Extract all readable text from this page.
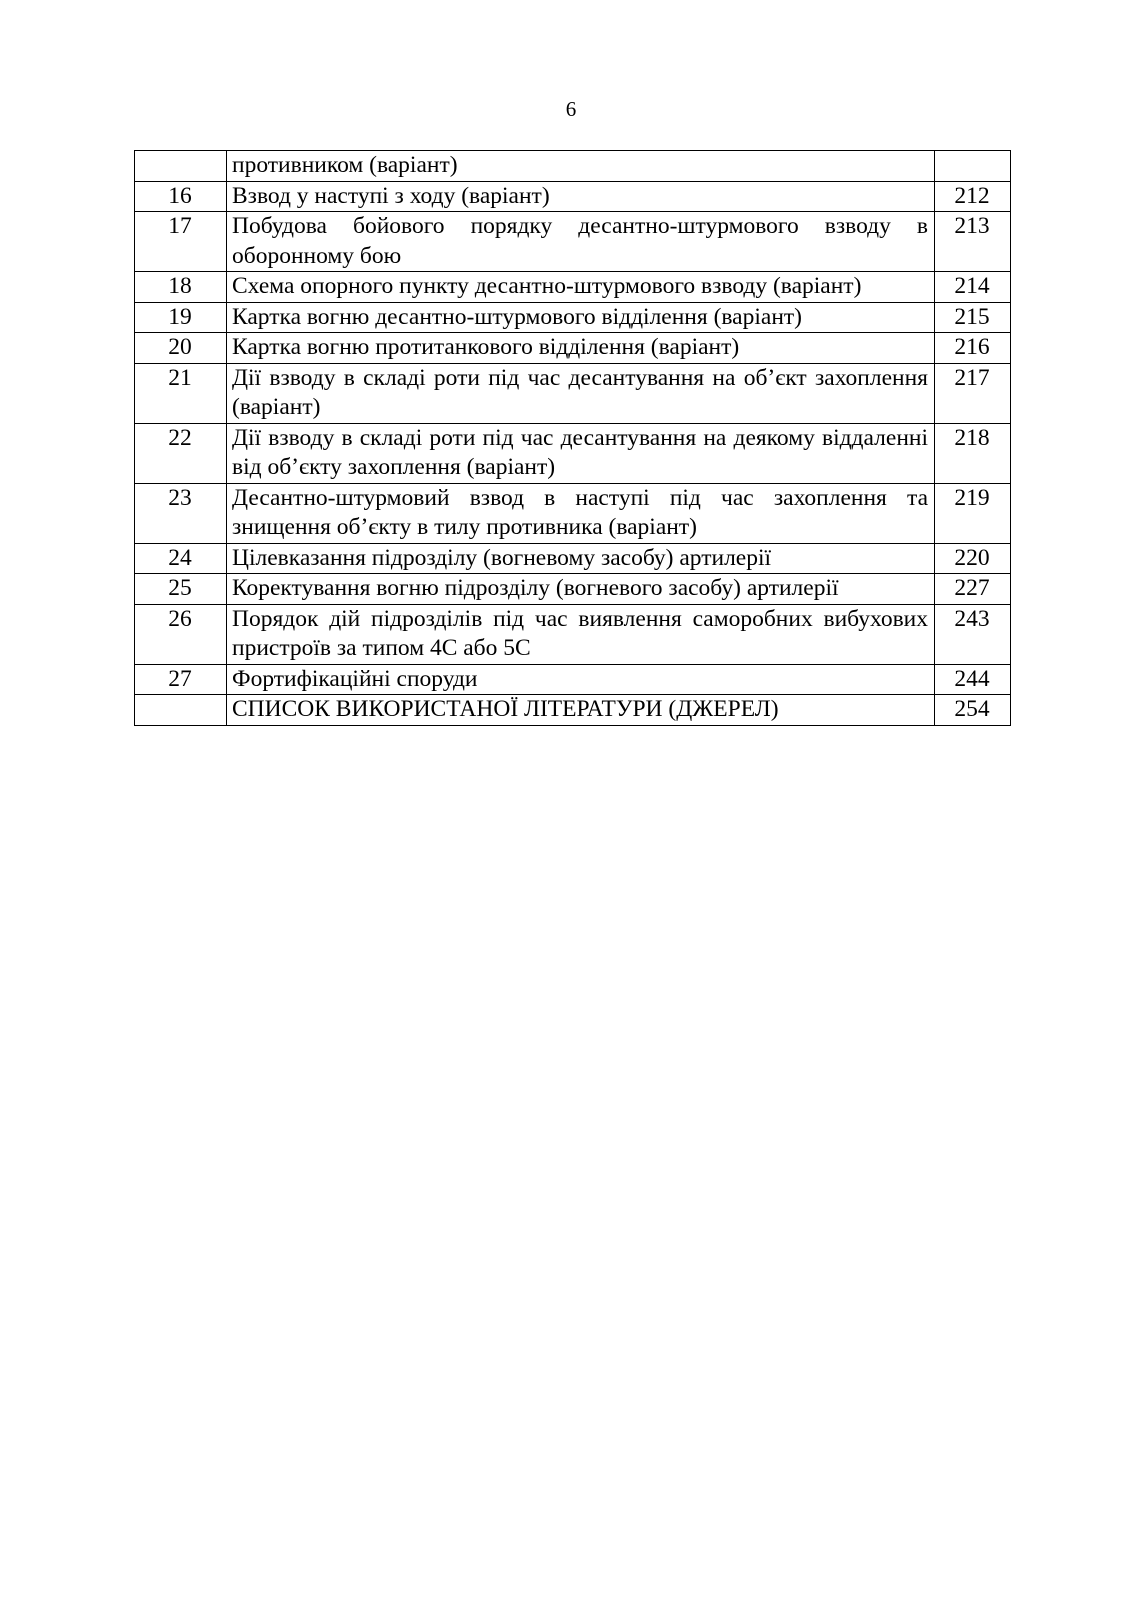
6
	противником (варіант)	
16	Взвод у наступі з ходу (варіант)	212
17	Побудова бойового порядку десантно-штурмового взводу в оборонному бою	213
18	Схема опорного пункту десантно-штурмового взводу (варіант)	214
19	Картка вогню десантно-штурмового відділення (варіант)	215
20	Картка вогню протитанкового відділення (варіант)	216
21	Дії взводу в складі роти під час десантування на об’єкт захоплення (варіант)	217
22	Дії взводу в складі роти під час десантування на деякому віддаленні від об’єкту захоплення (варіант)	218
23	Десантно-штурмовий взвод в наступі під час захоплення та знищення об’єкту в тилу противника (варіант)	219
24	Цілевказання підрозділу (вогневому засобу) артилерії	220
25	Коректування вогню підрозділу (вогневого засобу) артилерії	227
26	Порядок дій підрозділів під час виявлення саморобних вибухових пристроїв за типом 4С або 5С	243
27	Фортифікаційні споруди	244
	СПИСОК ВИКОРИСТАНОЇ ЛІТЕРАТУРИ (ДЖЕРЕЛ)	254
